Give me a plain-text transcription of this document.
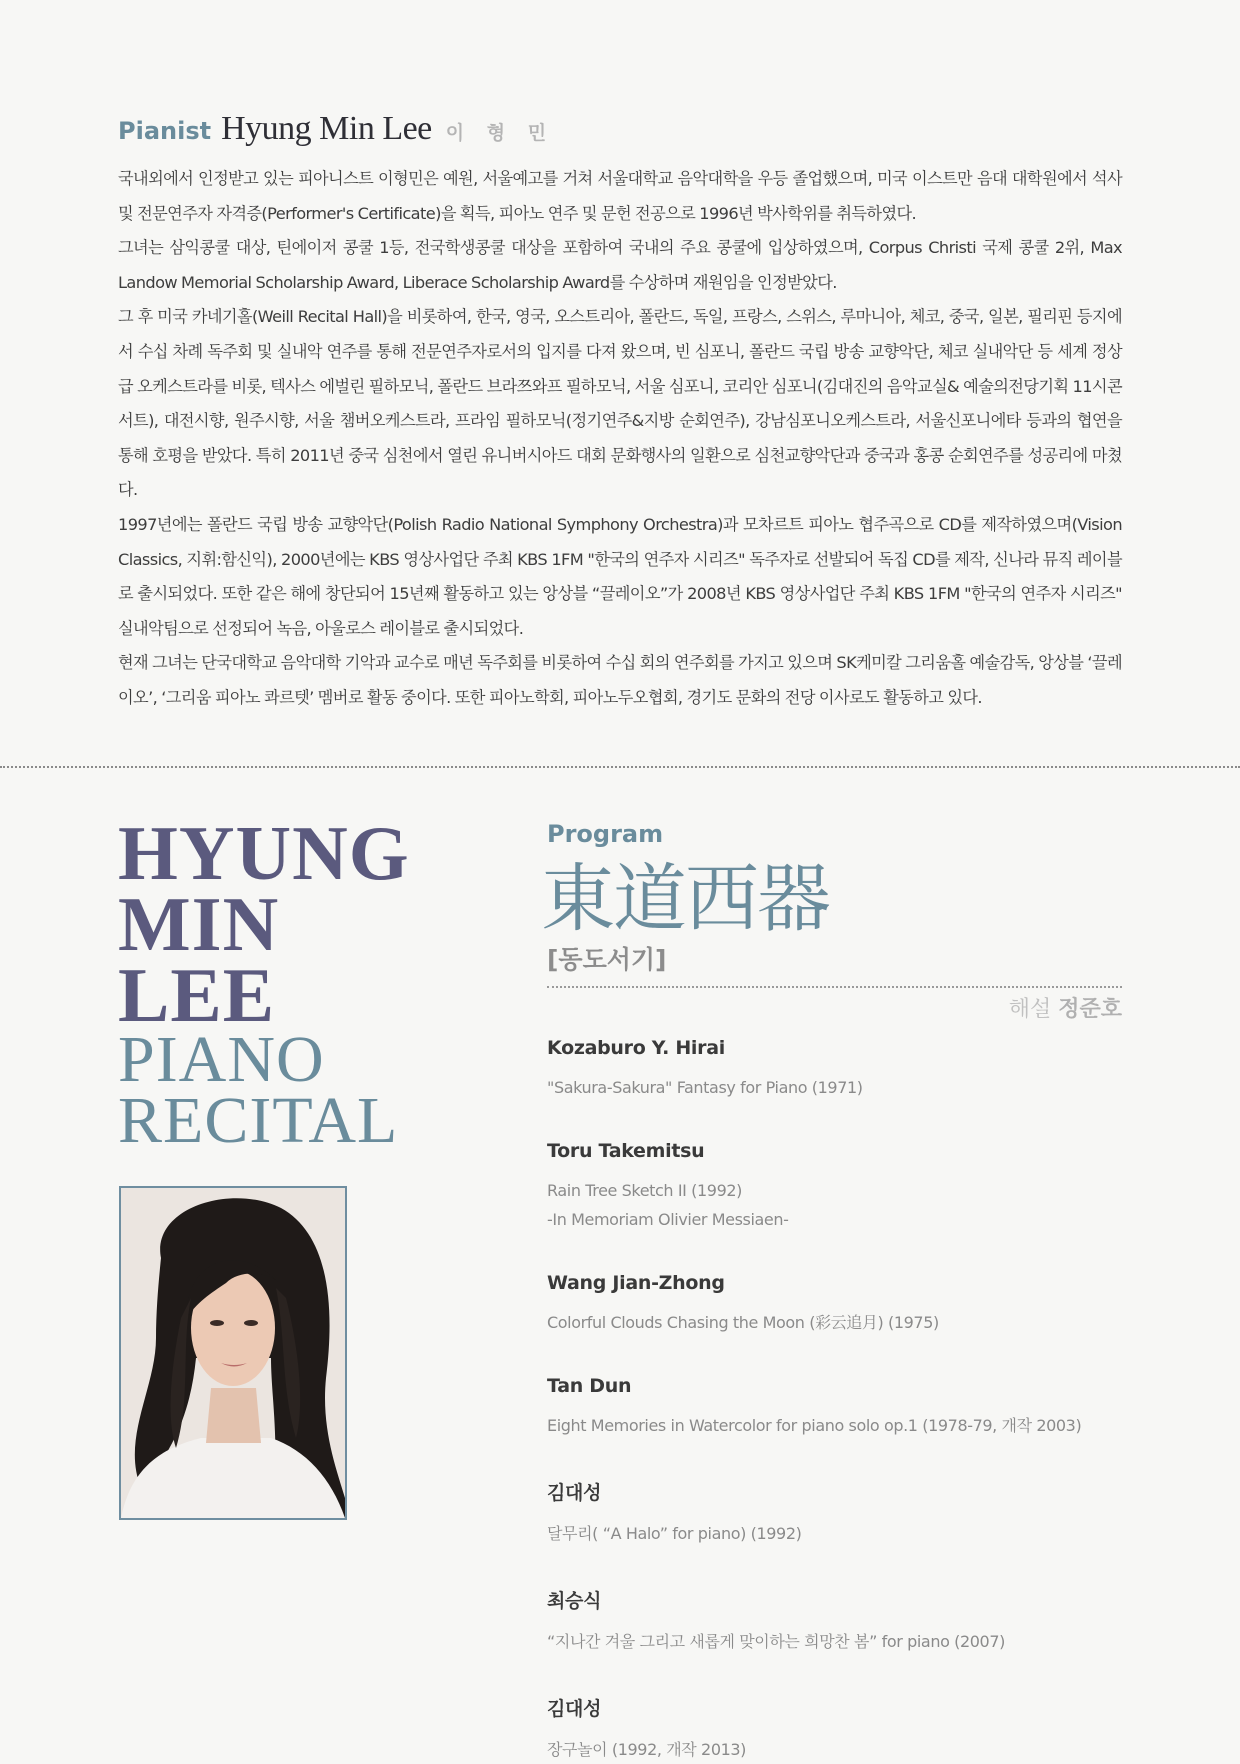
Pianist Hyung Min Lee 이 형 민

국내외에서 인정받고 있는 피아니스트 이형민은 예원, 서울예고를 거쳐 서울대학교 음악대학을 우등 졸업했으며, 미국 이스트만 음대 대학원에서 석사 및 전문연주자 자격증(Performer's Certificate)을 획득, 피아노 연주 및 문헌 전공으로 1996년 박사학위를 취득하였다.

그녀는 삼익콩쿨 대상, 틴에이저 콩쿨 1등, 전국학생콩쿨 대상을 포함하여 국내의 주요 콩쿨에 입상하였으며, Corpus Christi 국제 콩쿨 2위, Max Landow Memorial Scholarship Award, Liberace Scholarship Award를 수상하며 재원임을 인정받았다.

그 후 미국 카네기홀(Weill Recital Hall)을 비롯하여, 한국, 영국, 오스트리아, 폴란드, 독일, 프랑스, 스위스, 루마니아, 체코, 중국, 일본, 필리핀 등지에서 수십 차례 독주회 및 실내악 연주를 통해 전문연주자로서의 입지를 다져 왔으며, 빈 심포니, 폴란드 국립 방송 교향악단, 체코 실내악단 등 세계 정상급 오케스트라를 비롯, 텍사스 에벌린 필하모닉, 폴란드 브라쯔와프 필하모닉, 서울 심포니, 코리안 심포니(김대진의 음악교실& 예술의전당기획 11시콘서트), 대전시향, 원주시향, 서울 챔버오케스트라, 프라임 필하모닉(정기연주&지방 순회연주), 강남심포니오케스트라, 서울신포니에타 등과의 협연을 통해 호평을 받았다. 특히 2011년 중국 심천에서 열린 유니버시아드 대회 문화행사의 일환으로 심천교향악단과 중국과 홍콩 순회연주를 성공리에 마쳤다.

1997년에는 폴란드 국립 방송 교향악단(Polish Radio National Symphony Orchestra)과 모차르트 피아노 협주곡으로 CD를 제작하였으며(Vision Classics, 지휘:함신익), 2000년에는 KBS 영상사업단 주최 KBS 1FM "한국의 연주자 시리즈" 독주자로 선발되어 독집 CD를 제작, 신나라 뮤직 레이블로 출시되었다. 또한 같은 해에 창단되어 15년째 활동하고 있는 앙상블 “끌레이오”가 2008년 KBS 영상사업단 주최 KBS 1FM "한국의 연주자 시리즈" 실내악팀으로 선정되어 녹음, 아울로스 레이블로 출시되었다.

현재 그녀는 단국대학교 음악대학 기악과 교수로 매년 독주회를 비롯하여 수십 회의 연주회를 가지고 있으며 SK케미칼 그리움홀 예술감독, 앙상블 ‘끌레이오’, ‘그리움 피아노 콰르텟’ 멤버로 활동 중이다. 또한 피아노학회, 피아노두오협회, 경기도 문화의 전당 이사로도 활동하고 있다.

HYUNG
MIN
LEE
PIANO
RECITAL
Program
東道西器
[동도서기]
해설 정준호
Kozaburo Y. Hirai
"Sakura-Sakura" Fantasy for Piano (1971)
Toru Takemitsu
Rain Tree Sketch II (1992)
-In Memoriam Olivier Messiaen-
Wang Jian-Zhong
Colorful Clouds Chasing the Moon (彩云追月) (1975)
Tan Dun
Eight Memories in Watercolor for piano solo op.1 (1978-79, 개작 2003)
김대성
달무리( “A Halo” for piano) (1992)
최승식
“지나간 겨울 그리고 새롭게 맞이하는 희망찬 봄” for piano (2007)
김대성
장구놀이 (1992, 개작 2013)
